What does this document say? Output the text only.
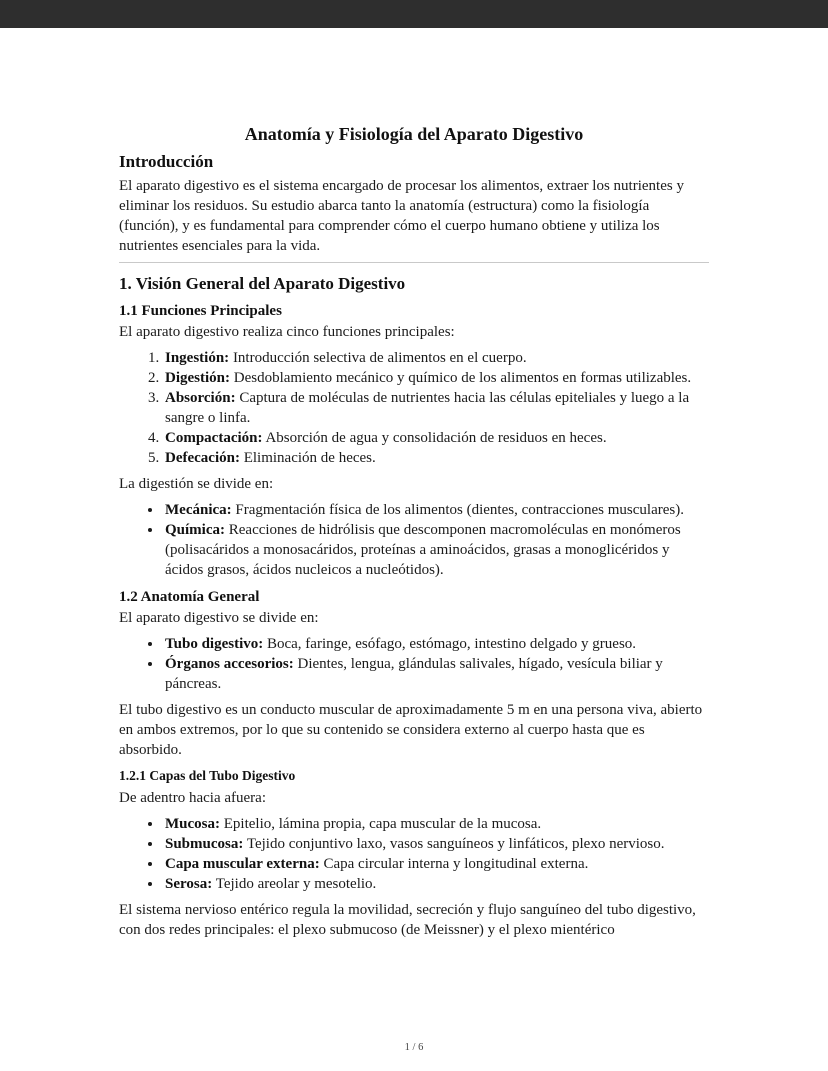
Anatomía y Fisiología del Aparato Digestivo
Introducción

El aparato digestivo es el sistema encargado de procesar los alimentos, extraer los nutrientes y eliminar los residuos. Su estudio abarca tanto la anatomía (estructura) como la fisiología (función), y es fundamental para comprender cómo el cuerpo humano obtiene y utiliza los nutrientes esenciales para la vida.

1. Visión General del Aparato Digestivo
1.1 Funciones Principales

El aparato digestivo realiza cinco funciones principales:

1. Ingestión: Introducción selectiva de alimentos en el cuerpo.
2. Digestión: Desdoblamiento mecánico y químico de los alimentos en formas utilizables.
3. Absorción: Captura de moléculas de nutrientes hacia las células epiteliales y luego a la sangre o linfa.
4. Compactación: Absorción de agua y consolidación de residuos en heces.
5. Defecación: Eliminación de heces.

La digestión se divide en:

• Mecánica: Fragmentación física de los alimentos (dientes, contracciones musculares).
• Química: Reacciones de hidrólisis que descomponen macromoléculas en monómeros (polisacáridos a monosacáridos, proteínas a aminoácidos, grasas a monoglicéridos y ácidos grasos, ácidos nucleicos a nucleótidos).
1.2 Anatomía General

El aparato digestivo se divide en:

• Tubo digestivo: Boca, faringe, esófago, estómago, intestino delgado y grueso.
• Órganos accesorios: Dientes, lengua, glándulas salivales, hígado, vesícula biliar y páncreas.

El tubo digestivo es un conducto muscular de aproximadamente 5 m en una persona viva, abierto en ambos extremos, por lo que su contenido se considera externo al cuerpo hasta que es absorbido.

1.2.1 Capas del Tubo Digestivo

De adentro hacia afuera:

• Mucosa: Epitelio, lámina propia, capa muscular de la mucosa.
• Submucosa: Tejido conjuntivo laxo, vasos sanguíneos y linfáticos, plexo nervioso.
• Capa muscular externa: Capa circular interna y longitudinal externa.
• Serosa: Tejido areolar y mesotelio.

El sistema nervioso entérico regula la movilidad, secreción y flujo sanguíneo del tubo digestivo, con dos redes principales: el plexo submucoso (de Meissner) y el plexo mientérico

1 / 6
